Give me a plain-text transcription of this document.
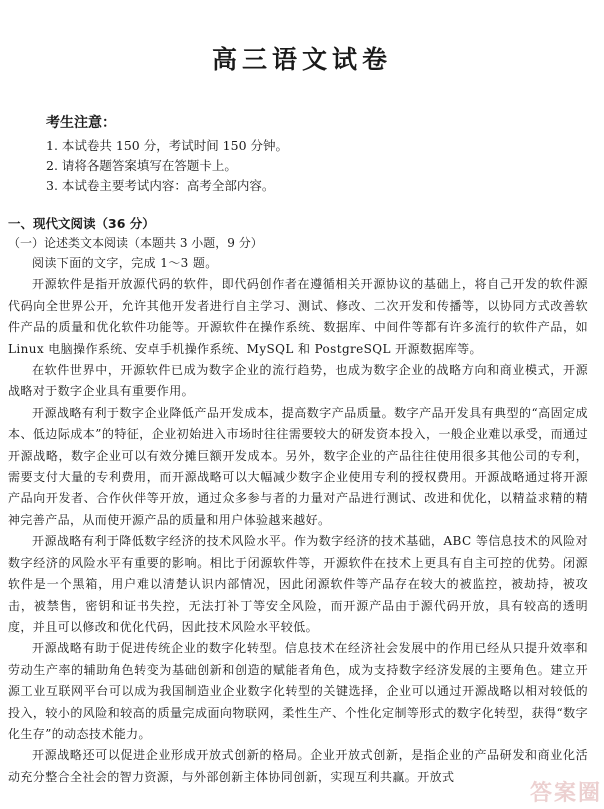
高三语文试卷
考生注意：
1. 本试卷共 150 分，考试时间 150 分钟。
2. 请将各题答案填写在答题卡上。
3. 本试卷主要考试内容：高考全部内容。
一、现代文阅读（36 分）
（一）论述类文本阅读（本题共 3 小题，9 分）

阅读下面的文字，完成 1～3 题。

开源软件是指开放源代码的软件，即代码创作者在遵循相关开源协议的基础上，将自己开发的软件源代码向全世界公开，允许其他开发者进行自主学习、测试、修改、二次开发和传播等，以协同方式改善软件产品的质量和优化软件功能等。开源软件在操作系统、数据库、中间件等都有许多流行的软件产品，如 Linux 电脑操作系统、安卓手机操作系统、MySQL 和 PostgreSQL 开源数据库等。

在软件世界中，开源软件已成为数字企业的流行趋势，也成为数字企业的战略方向和商业模式，开源战略对于数字企业具有重要作用。

开源战略有利于数字企业降低产品开发成本，提高数字产品质量。数字产品开发具有典型的“高固定成本、低边际成本”的特征，企业初始进入市场时往往需要较大的研发资本投入，一般企业难以承受，而通过开源战略，数字企业可以有效分摊巨额开发成本。另外，数字企业的产品往往使用很多其他公司的专利，需要支付大量的专利费用，而开源战略可以大幅减少数字企业使用专利的授权费用。开源战略通过将开源产品向开发者、合作伙伴等开放，通过众多参与者的力量对产品进行测试、改进和优化，以精益求精的精神完善产品，从而使开源产品的质量和用户体验越来越好。

开源战略有利于降低数字经济的技术风险水平。作为数字经济的技术基础，ABC 等信息技术的风险对数字经济的风险水平有重要的影响。相比于闭源软件等，开源软件在技术上更具有自主可控的优势。闭源软件是一个黑箱，用户难以清楚认识内部情况，因此闭源软件等产品存在较大的被监控，被劫持，被攻击，被禁售，密钥和证书失控，无法打补丁等安全风险，而开源产品由于源代码开放，具有较高的透明度，并且可以修改和优化代码，因此技术风险水平较低。

开源战略有助于促进传统企业的数字化转型。信息技术在经济社会发展中的作用已经从只提升效率和劳动生产率的辅助角色转变为基础创新和创造的赋能者角色，成为支持数字经济发展的主要角色。建立开源工业互联网平台可以成为我国制造业企业数字化转型的关键选择，企业可以通过开源战略以相对较低的投入，较小的风险和较高的质量完成面向物联网，柔性生产、个性化定制等形式的数字化转型，获得“数字化生存”的动态技术能力。

开源战略还可以促进企业形成开放式创新的格局。企业开放式创新，是指企业的产品研发和商业化活动充分整合全社会的智力资源，与外部创新主体协同创新，实现互利共赢。开放式

答案圈
